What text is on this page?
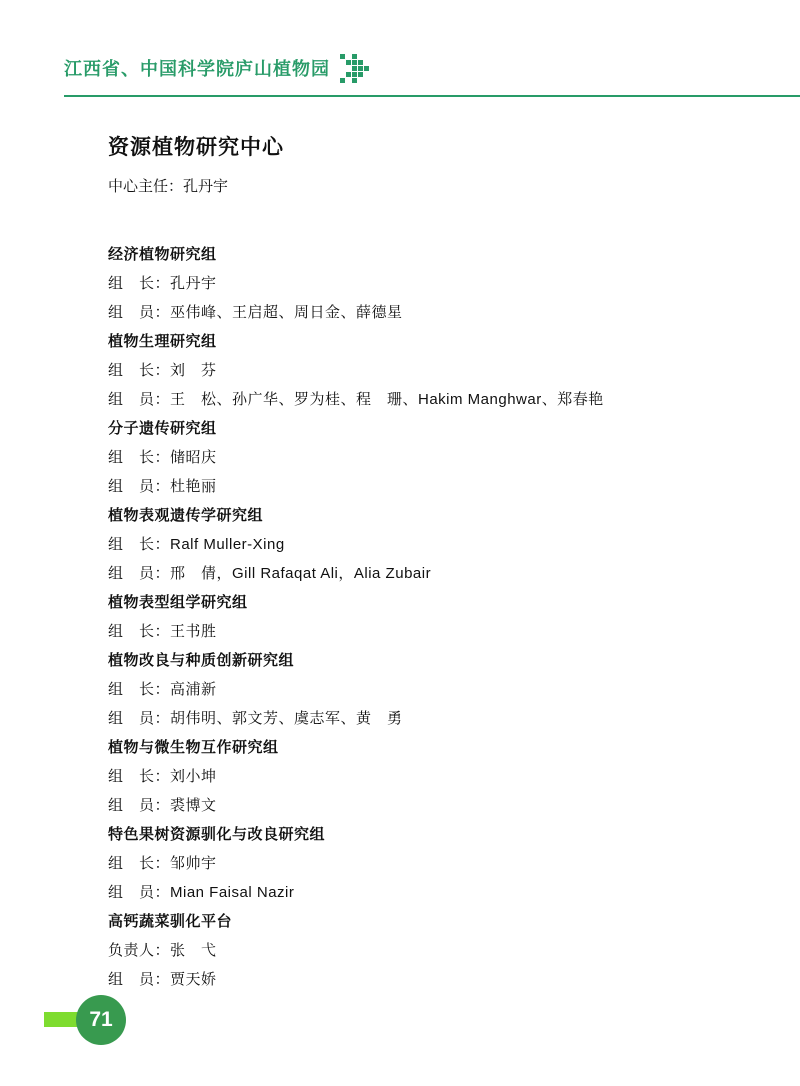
江西省、中国科学院庐山植物园
资源植物研究中心
中心主任：孔丹宇
经济植物研究组
组　长：孔丹宇
组　员：巫伟峰、王启超、周日金、薛德星
植物生理研究组
组　长：刘　芬
组　员：王　松、孙广华、罗为桂、程　珊、Hakim Manghwar、郑春艳
分子遗传研究组
组　长：储昭庆
组　员：杜艳丽
植物表观遗传学研究组
组　长：Ralf Muller-Xing
组　员：邢　倩，Gill Rafaqat Ali，Alia Zubair
植物表型组学研究组
组　长：王书胜
植物改良与种质创新研究组
组　长：高浦新
组　员：胡伟明、郭文芳、虞志军、黄　勇
植物与微生物互作研究组
组　长：刘小坤
组　员：裘博文
特色果树资源驯化与改良研究组
组　长：邹帅宇
组　员：Mian Faisal Nazir
高钙蔬菜驯化平台
负责人：张　弋
组　员：贾天娇
71
